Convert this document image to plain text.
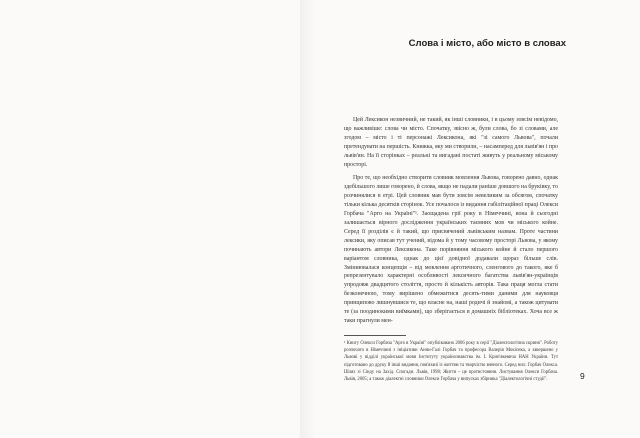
Слова і місто, або місто в словах

Цей Лексикон незвичний, не такий, як інші словники, і в цьому зовсім невідомо, що важливіше: слова чи місто. Спочатку, звісно ж, були слова, бо зі словами, але згодом – місто і ті персонажі Лексикона, які "зі самого Львова", почали претендувати на першість. Книжка, яку ми створили, – насамперед для львів'ян і про львів'ян. На її сторінках – реальні та вигадані постаті живуть у реальному міському просторі.

Про те, що необхідно створити словник мовлення Львова, говорено давно, однак здебільшого лише говорено, й слова, якщо не падали раніше довшого на бруківку, то розчинялися в етрі. Цей словник мав бути зовсім невеликим за обсягом, спочатку тільки кілька десятків сторінок. Усе почалося із видання габілітаційної праці Олекси Горбача "Арго на Україні"¹. Заощадена грії року в Німеччині, вона й сьогодні залишається вірного дослідження українських таємних мов чи міського койне. Серед її розділів є й такий, що присвячений львівським назвам. Проте частини лексики, яку описав тут учений, відома й у тому часовому просторі Львова, у якому починають автори Лексикона. Таке порівняння міського койне й стало першого варіантом словника, однак до цієї довідної додавали щораз більше слів. Зміниювалася концепція – від мовлення арготичного, сленгового до такого, яке б репрезентувало характерні особливості лексичного багатства львів'ян-українців упродовж двадцятого століття, просто й кількість авторів. Така праця могла стати безконечною, тому вирішено обмежитися десять-тими даними для науковця принципово лишнувшися те, що власне на, наші родичі й знайомі, а також цитувати те (за поодинокими виїмками), що зберігається в домашніх бібліотеках. Хоча все ж таки прагнули мен-

¹ Книгу Олекси Горбача "Арго в Україні" опубліковано 2006 року в серії "Діалектологічна скриня". Роботу розпочато в Німеччині з ініціативи Анни-Галі Горбач та професора Валерія Мокієнка, а завершено у Львові у відділі української мови Інституту українознавства ім. І. Крип'якевича НАН України. Тут підготовано до друку й інші видання, пов'язані із життям та творчістю вченого. Серед них: Горбач Олекса. Шлях зі Сінду на Захід. Спогади. Львів, 1998; Життя – це протистояння. Листування Олекси Горбача. Львів, 2005; а також діалектні словники Олекси Горбача у випусках збірника "Діалектологічні студії".	9
